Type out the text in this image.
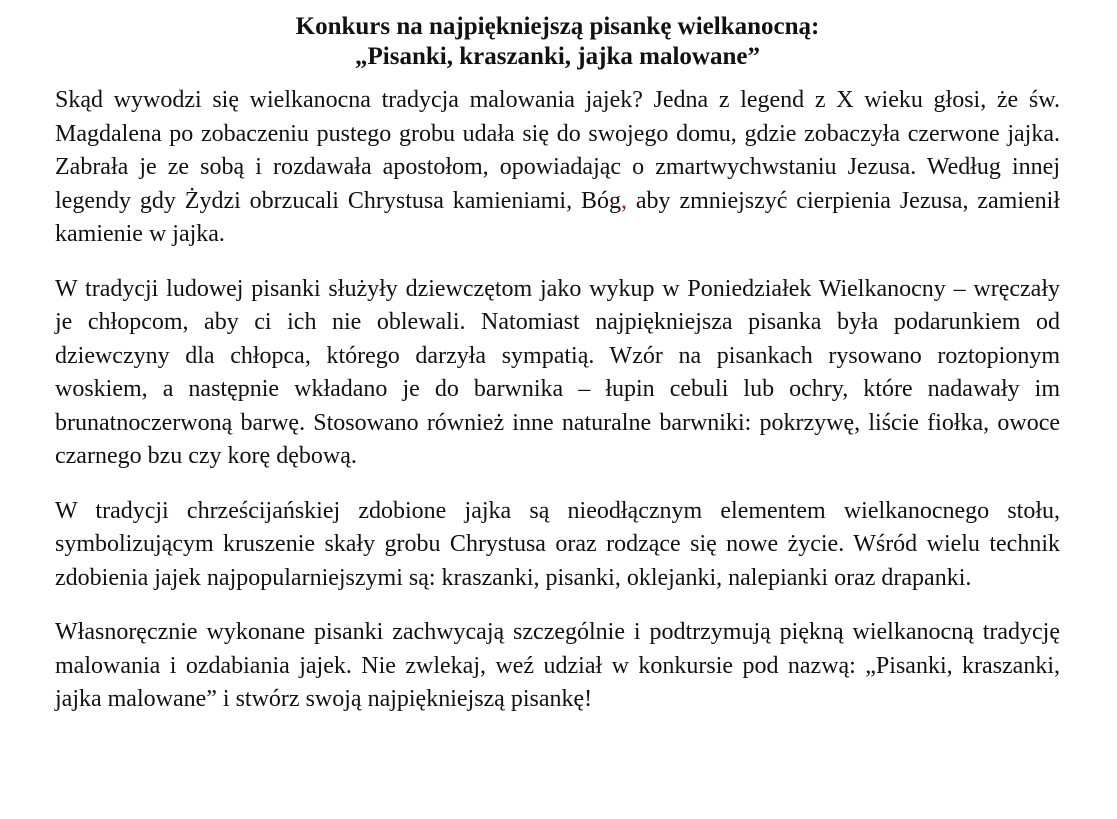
Konkurs na najpiękniejszą pisankę wielkanocną:
„Pisanki, kraszanki, jajka malowane”

Skąd wywodzi się wielkanocna tradycja malowania jajek? Jedna z legend z X wieku głosi, że św. Magdalena po zobaczeniu pustego grobu udała się do swojego domu, gdzie zobaczyła czerwone jajka. Zabrała je ze sobą i rozdawała apostołom, opowiadając o zmartwychwstaniu Jezusa. Według innej legendy gdy Żydzi obrzucali Chrystusa kamieniami, Bóg, aby zmniejszyć cierpienia Jezusa, zamienił kamienie w jajka.

W tradycji ludowej pisanki służyły dziewczętom jako wykup w Poniedziałek Wielkanocny – wręczały je chłopcom, aby ci ich nie oblewali. Natomiast najpiękniejsza pisanka była podarunkiem od dziewczyny dla chłopca, którego darzyła sympatią. Wzór na pisankach rysowano roztopionym woskiem, a następnie wkładano je do barwnika – łupin cebuli lub ochry, które nadawały im brunatnoczerwoną barwę. Stosowano również inne naturalne barwniki: pokrzywę, liście fiołka, owoce czarnego bzu czy korę dębową.

W tradycji chrześcijańskiej zdobione jajka są nieodłącznym elementem wielkanocnego stołu, symbolizującym kruszenie skały grobu Chrystusa oraz rodzące się nowe życie. Wśród wielu technik zdobienia jajek najpopularniejszymi są: kraszanki, pisanki, oklejanki, nalepianki oraz drapanki.

Własnoręcznie wykonane pisanki zachwycają szczególnie i podtrzymują piękną wielkanocną tradycję malowania i ozdabiania jajek. Nie zwlekaj, weź udział w konkursie pod nazwą: „Pisanki, kraszanki, jajka malowane” i stwórz swoją najpiękniejszą pisankę!
